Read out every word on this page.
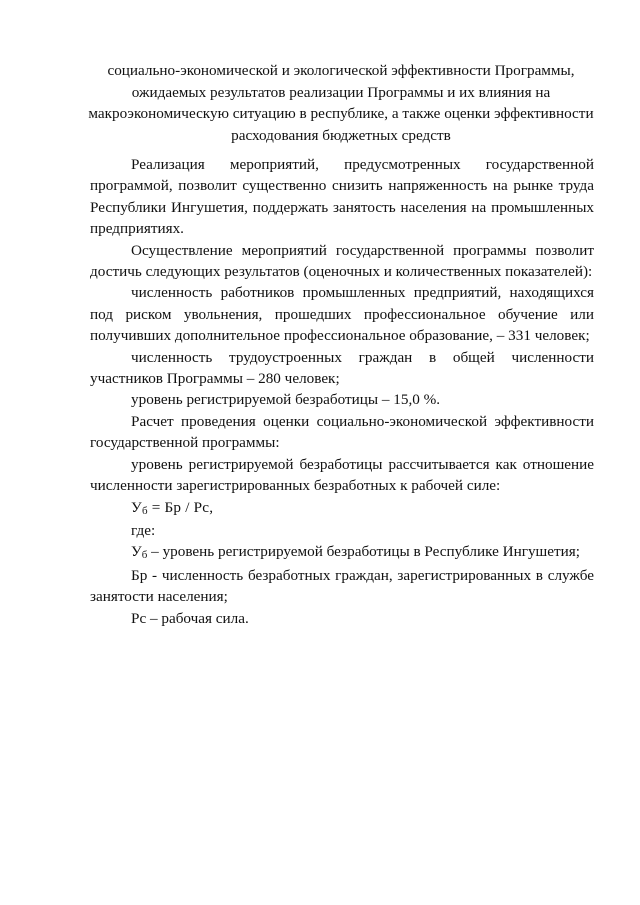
социально-экономической и экологической эффективности Программы,
ожидаемых результатов реализации Программы и их влияния на
макроэкономическую ситуацию в республике, а также оценки эффективности
расходования бюджетных средств

Реализация мероприятий, предусмотренных государственной программой, позволит существенно снизить напряженность на рынке труда Республики Ингушетия, поддержать занятость населения на промышленных предприятиях.

Осуществление мероприятий государственной программы позволит достичь следующих результатов (оценочных и количественных показателей):

численность работников промышленных предприятий, находящихся под риском увольнения, прошедших профессиональное обучение или получивших дополнительное профессиональное образование, – 331 человек;

численность трудоустроенных граждан в общей численности участников Программы – 280 человек;

уровень регистрируемой безработицы – 15,0 %.

Расчет проведения оценки социально-экономической эффективности государственной программы:

уровень регистрируемой безработицы рассчитывается как отношение численности зарегистрированных безработных к рабочей силе:

Уб = Бр / Рс,

где:

Уб – уровень регистрируемой безработицы в Республике Ингушетия;

Бр - численность безработных граждан, зарегистрированных в службе занятости населения;

Рс – рабочая сила.
